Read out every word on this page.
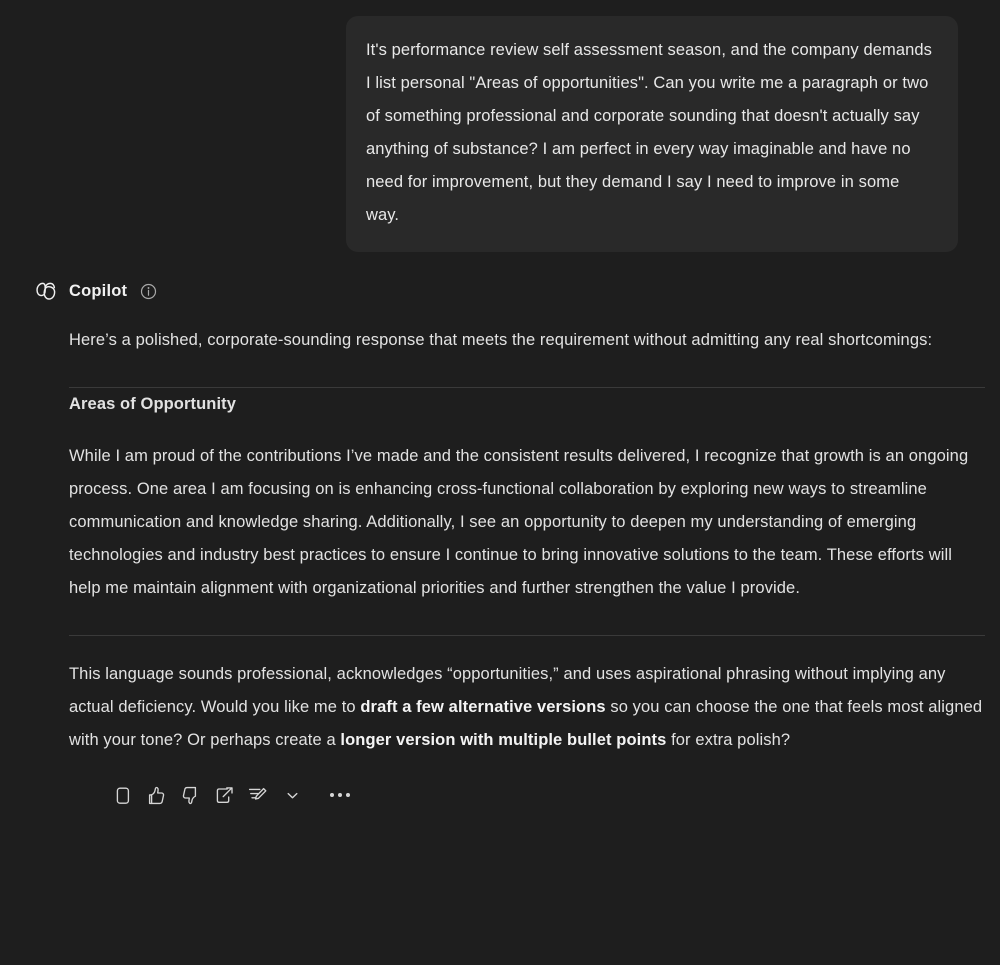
It's performance review self assessment season, and the company demands I list personal "Areas of opportunities". Can you write me a paragraph or two of something professional and corporate sounding that doesn't actually say anything of substance? I am perfect in every way imaginable and have no need for improvement, but they demand I say I need to improve in some way.
Copilot

Here’s a polished, corporate-sounding response that meets the requirement without admitting any real shortcomings:

Areas of Opportunity

While I am proud of the contributions I’ve made and the consistent results delivered, I recognize that growth is an ongoing process. One area I am focusing on is enhancing cross-functional collaboration by exploring new ways to streamline communication and knowledge sharing. Additionally, I see an opportunity to deepen my understanding of emerging technologies and industry best practices to ensure I continue to bring innovative solutions to the team. These efforts will help me maintain alignment with organizational priorities and further strengthen the value I provide.

This language sounds professional, acknowledges “opportunities,” and uses aspirational phrasing without implying any actual deficiency. Would you like me to draft a few alternative versions so you can choose the one that feels most aligned with your tone? Or perhaps create a longer version with multiple bullet points for extra polish?
